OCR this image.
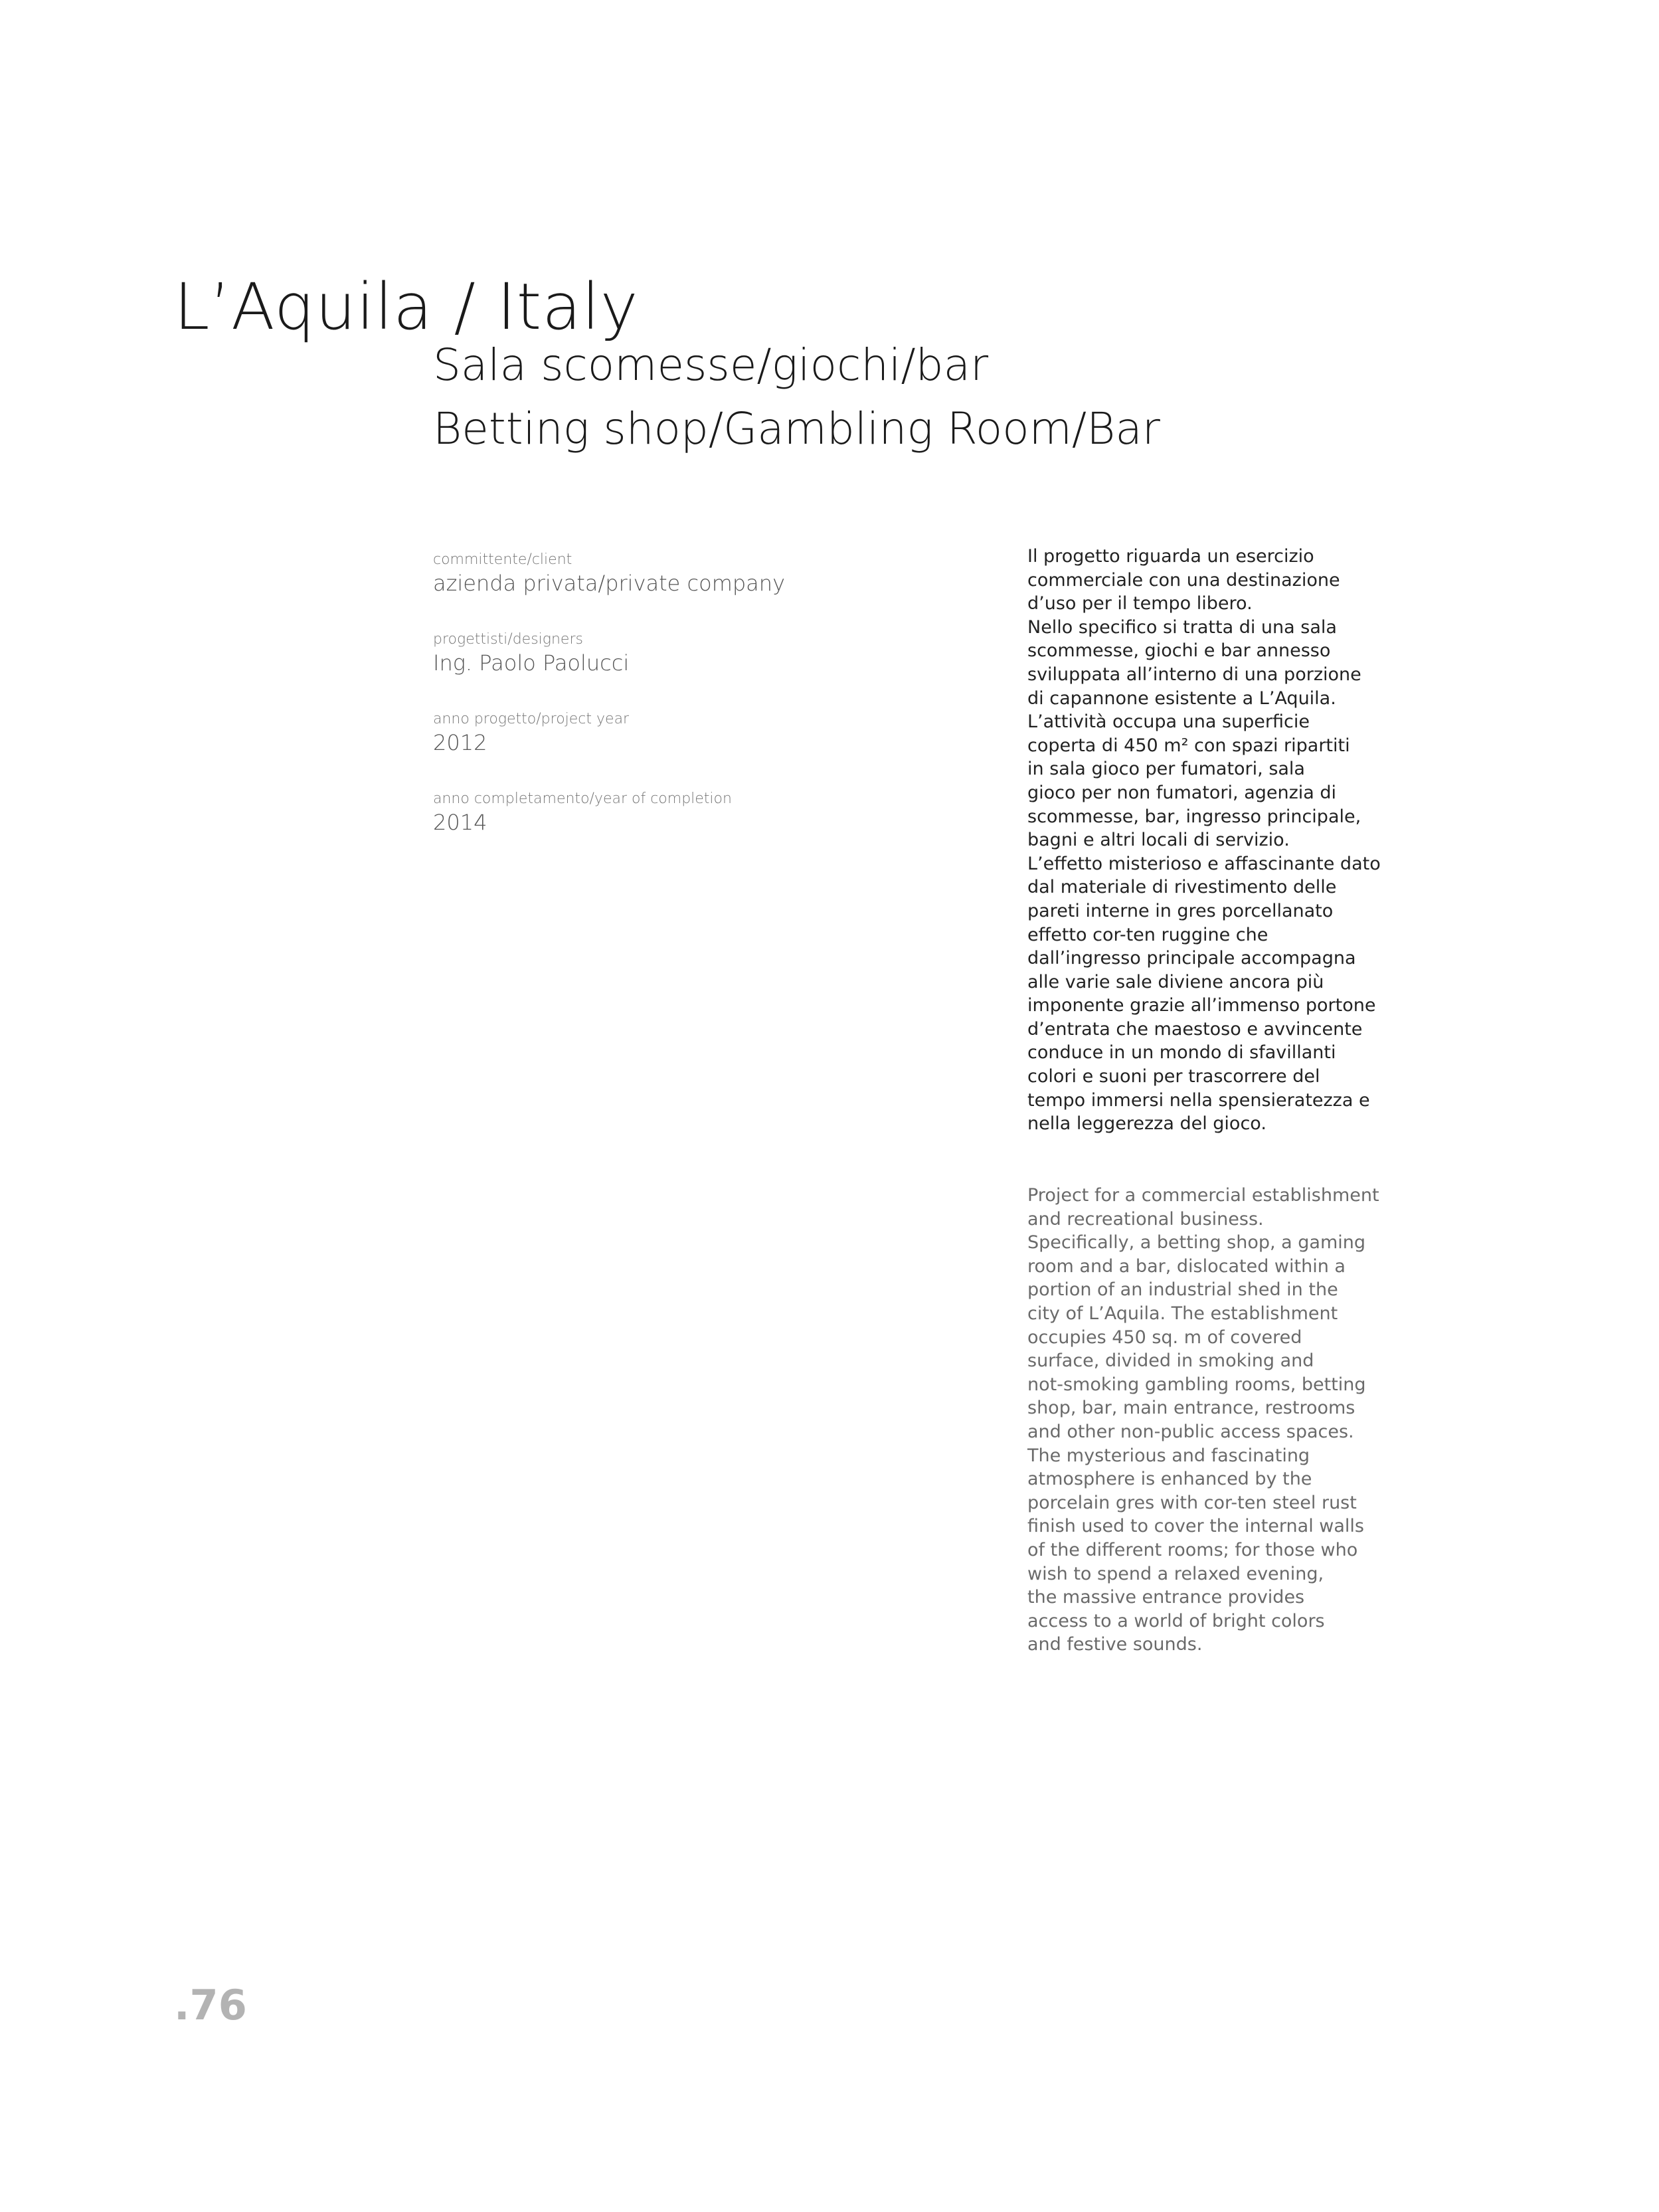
L’Aquila / Italy
Sala scomesse/giochi/bar
Betting shop/Gambling Room/Bar
committente/client
azienda privata/private company
progettisti/designers
Ing. Paolo Paolucci
anno progetto/project year
2012
anno completamento/year of completion
2014
Il progetto riguarda un esercizio
commerciale con una destinazione
d’uso per il tempo libero.
Nello specifico si tratta di una sala
scommesse, giochi e bar annesso
sviluppata all’interno di una porzione
di capannone esistente a L’Aquila.
L’attività occupa una superficie
coperta di 450 m² con spazi ripartiti
in sala gioco per fumatori, sala
gioco per non fumatori, agenzia di
scommesse, bar, ingresso principale,
bagni e altri locali di servizio.
L’effetto misterioso e affascinante dato
dal materiale di rivestimento delle
pareti interne in gres porcellanato
effetto cor-ten ruggine che
dall’ingresso principale accompagna
alle varie sale diviene ancora più
imponente grazie all’immenso portone
d’entrata che maestoso e avvincente
conduce in un mondo di sfavillanti
colori e suoni per trascorrere del
tempo immersi nella spensieratezza e
nella leggerezza del gioco.
Project for a commercial establishment
and recreational business.
Specifically, a betting shop, a gaming
room and a bar, dislocated within a
portion of an industrial shed in the
city of L’Aquila. The establishment
occupies 450 sq. m of covered
surface, divided in smoking and
not-smoking gambling rooms, betting
shop, bar, main entrance, restrooms
and other non-public access spaces.
The mysterious and fascinating
atmosphere is enhanced by the
porcelain gres with cor-ten steel rust
finish used to cover the internal walls
of the different rooms; for those who
wish to spend a relaxed evening,
the massive entrance provides
access to a world of bright colors
and festive sounds.
.76
